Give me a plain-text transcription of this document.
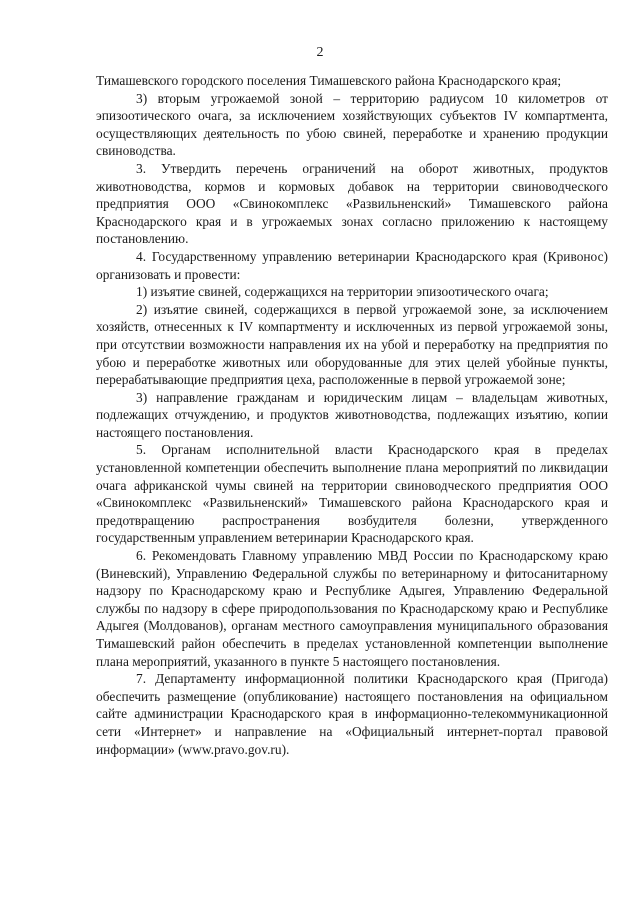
2

Тимашевского городского поселения Тимашевского района Краснодарского края;

3) вторым угрожаемой зоной – территорию радиусом 10 километров от эпизоотического очага, за исключением хозяйствующих субъектов IV компартмента, осуществляющих деятельность по убою свиней, переработке и хранению продукции свиноводства.

3. Утвердить перечень ограничений на оборот животных, продуктов животноводства, кормов и кормовых добавок на территории свиноводческого предприятия ООО «Свинокомплекс «Развильненский» Тимашевского района Краснодарского края и в угрожаемых зонах согласно приложению к настоящему постановлению.

4. Государственному управлению ветеринарии Краснодарского края (Кривонос) организовать и провести:

1) изъятие свиней, содержащихся на территории эпизоотического очага;

2) изъятие свиней, содержащихся в первой угрожаемой зоне, за исключением хозяйств, отнесенных к IV компартменту и исключенных из первой угрожаемой зоны, при отсутствии возможности направления их на убой и переработку на предприятия по убою и переработке животных или оборудованные для этих целей убойные пункты, перерабатывающие предприятия цеха, расположенные в первой угрожаемой зоне;

3) направление гражданам и юридическим лицам – владельцам животных, подлежащих отчуждению, и продуктов животноводства, подлежащих изъятию, копии настоящего постановления.

5. Органам исполнительной власти Краснодарского края в пределах установленной компетенции обеспечить выполнение плана мероприятий по ликвидации очага африканской чумы свиней на территории свиноводческого предприятия ООО «Свинокомплекс «Развильненский» Тимашевского района Краснодарского края и предотвращению распространения возбудителя болезни, утвержденного государственным управлением ветеринарии Краснодарского края.

6. Рекомендовать Главному управлению МВД России по Краснодарскому краю (Виневский), Управлению Федеральной службы по ветеринарному и фитосанитарному надзору по Краснодарскому краю и Республике Адыгея, Управлению Федеральной службы по надзору в сфере природопользования по Краснодарскому краю и Республике Адыгея (Молдованов), органам местного самоуправления муниципального образования Тимашевский район обеспечить в пределах установленной компетенции выполнение плана мероприятий, указанного в пункте 5 настоящего постановления.

7. Департаменту информационной политики Краснодарского края (Пригода) обеспечить размещение (опубликование) настоящего постановления на официальном сайте администрации Краснодарского края в информационно-телекоммуникационной сети «Интернет» и направление на «Официальный интернет-портал правовой информации» (www.pravo.gov.ru).
